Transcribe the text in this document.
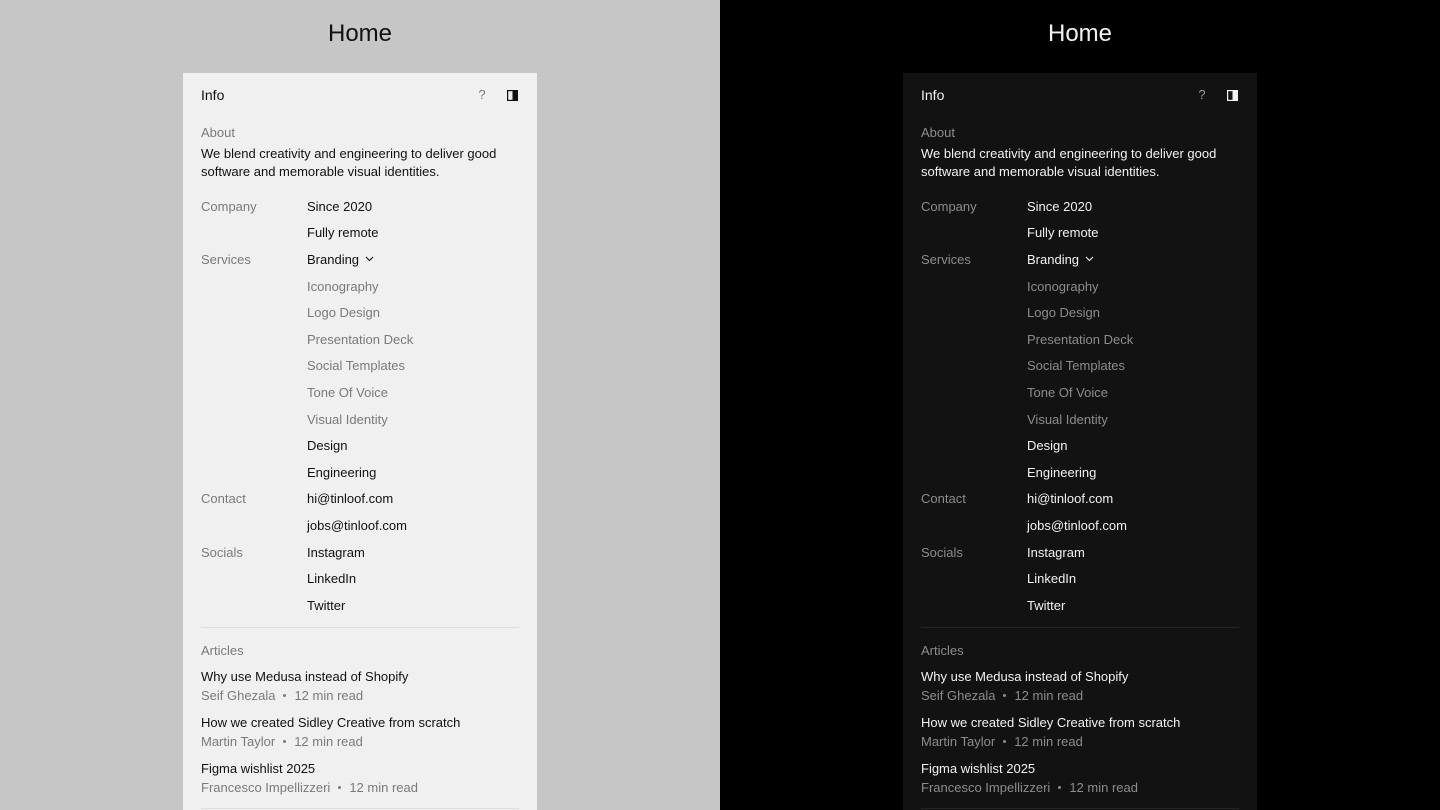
Home
Info	?
About
We blend creativity and engineering to deliver good software and memorable visual identities.
Company	Since 2020
Fully remote
Services	Branding
Iconography
Logo Design
Presentation Deck
Social Templates
Tone Of Voice
Visual Identity
Design
Engineering
Contact	hi@tinloof.com
jobs@tinloof.com
Socials	Instagram
LinkedIn
Twitter
Articles
Why use Medusa instead of Shopify
Seif Ghezala 12 min read
How we created Sidley Creative from scratch
Martin Taylor 12 min read
Figma wishlist 2025
Francesco Impellizzeri 12 min read
Home
Info	?
About
We blend creativity and engineering to deliver good software and memorable visual identities.
Company	Since 2020
Fully remote
Services	Branding
Iconography
Logo Design
Presentation Deck
Social Templates
Tone Of Voice
Visual Identity
Design
Engineering
Contact	hi@tinloof.com
jobs@tinloof.com
Socials	Instagram
LinkedIn
Twitter
Articles
Why use Medusa instead of Shopify
Seif Ghezala 12 min read
How we created Sidley Creative from scratch
Martin Taylor 12 min read
Figma wishlist 2025
Francesco Impellizzeri 12 min read
